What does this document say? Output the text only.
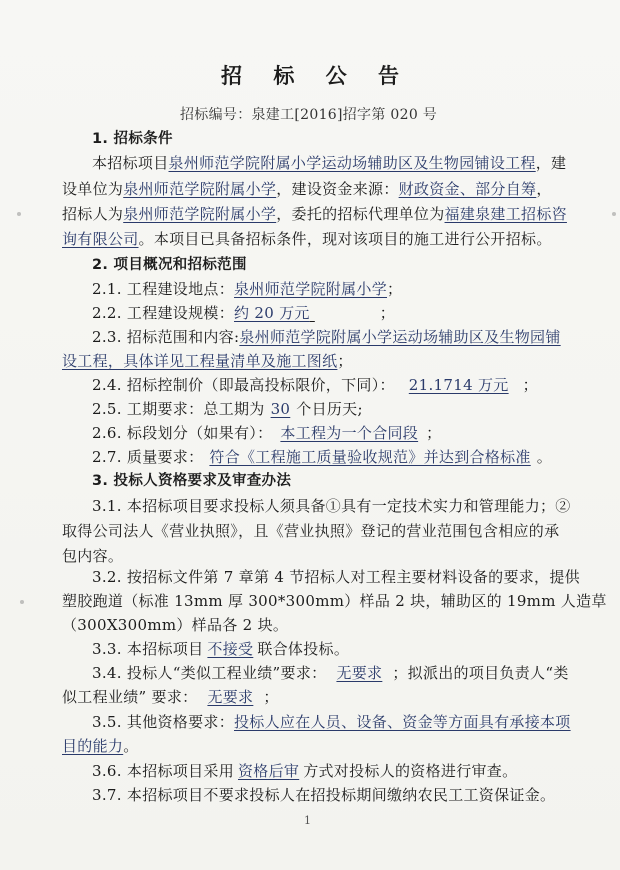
招 标 公 告
招标编号：泉建工[2016]招字第 020 号
1. 招标条件
本招标项目泉州师范学院附属小学运动场辅助区及生物园铺设工程，建
设单位为泉州师范学院附属小学，建设资金来源：财政资金、部分自筹，
招标人为泉州师范学院附属小学，委托的招标代理单位为福建泉建工招标咨
询有限公司。本项目已具备招标条件，现对该项目的施工进行公开招标。
2. 项目概况和招标范围
2.1. 工程建设地点：泉州师范学院附属小学；
2.2. 工程建设规模：约 20 万元	；
2.3. 招标范围和内容:泉州师范学院附属小学运动场辅助区及生物园铺
设工程，具体详见工程量清单及施工图纸；
2.4. 招标控制价（即最高投标限价，下同）： 21.1714 万元 ；
2.5. 工期要求：总工期为 30 个日历天;
2.6. 标段划分（如果有）： 本工程为一个合同段 ；
2.7. 质量要求： 符合《工程施工质量验收规范》并达到合格标准 。
3. 投标人资格要求及审查办法
3.1. 本招标项目要求投标人须具备①具有一定技术实力和管理能力；②
取得公司法人《营业执照》，且《营业执照》登记的营业范围包含相应的承
包内容。
3.2. 按招标文件第 7 章第 4 节招标人对工程主要材料设备的要求，提供
塑胶跑道（标准 13mm 厚 300*300mm）样品 2 块，辅助区的 19mm 人造草
（300X300mm）样品各 2 块。
3.3. 本招标项目 不接受 联合体投标。
3.4. 投标人“类似工程业绩”要求： 无要求 ；拟派出的项目负责人“类
似工程业绩” 要求： 无要求 ；
3.5. 其他资格要求：投标人应在人员、设备、资金等方面具有承接本项
目的能力。
3.6. 本招标项目采用 资格后审 方式对投标人的资格进行审查。
3.7. 本招标项目不要求投标人在招投标期间缴纳农民工工资保证金。
1
